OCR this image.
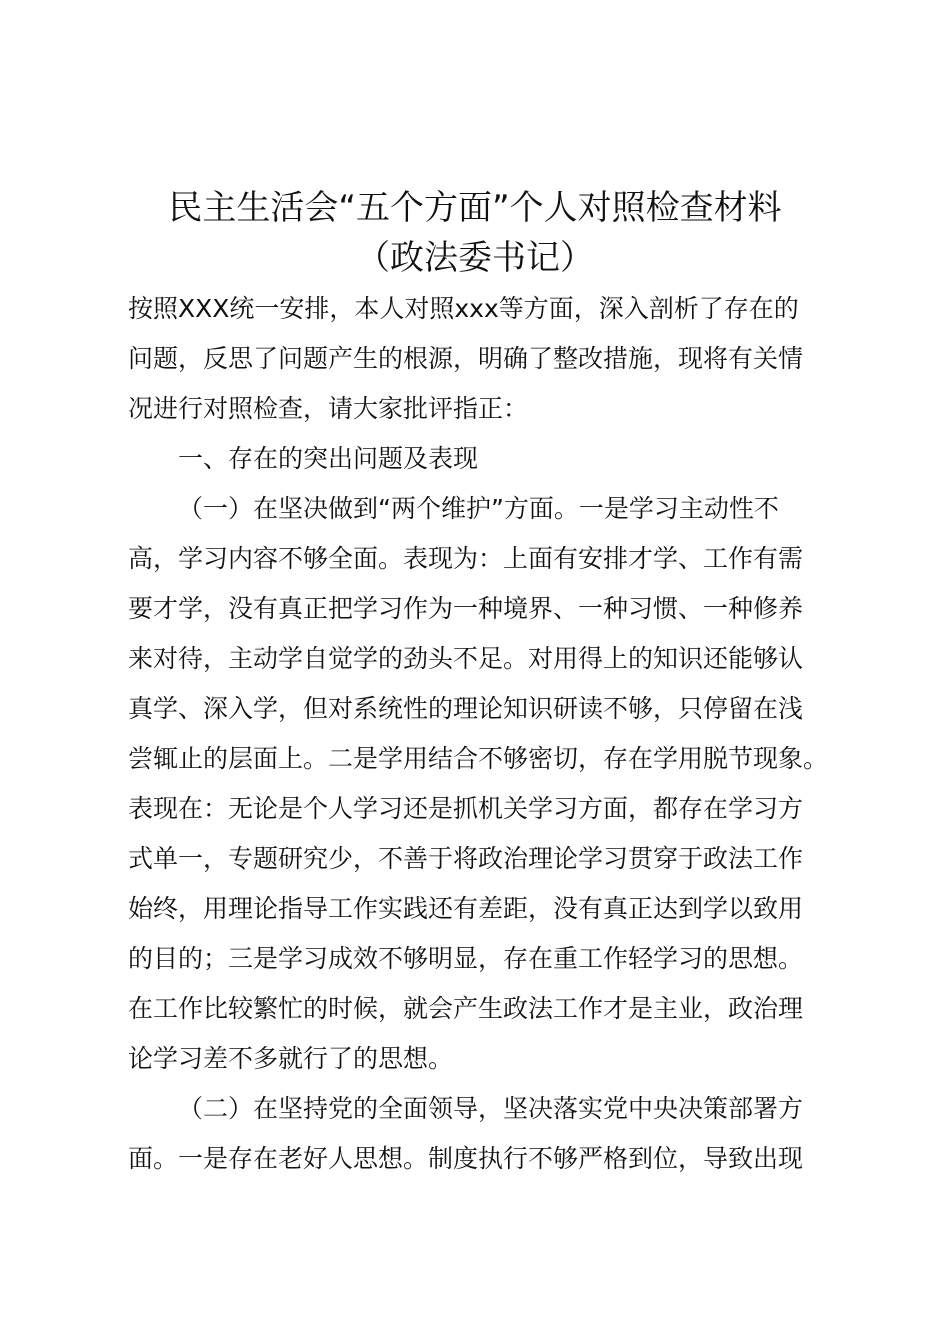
民主生活会“五个方面”个人对照检查材料
（政法委书记）
按照XXX统一安排，本人对照xxx等方面，深入剖析了存在的
问题，反思了问题产生的根源，明确了整改措施，现将有关情
况进行对照检查，请大家批评指正：
一、存在的突出问题及表现
（一）在坚决做到“两个维护”方面。一是学习主动性不
高，学习内容不够全面。表现为：上面有安排才学、工作有需
要才学，没有真正把学习作为一种境界、一种习惯、一种修养
来对待，主动学自觉学的劲头不足。对用得上的知识还能够认
真学、深入学，但对系统性的理论知识研读不够，只停留在浅
尝辄止的层面上。二是学用结合不够密切，存在学用脱节现象。
表现在：无论是个人学习还是抓机关学习方面，都存在学习方
式单一，专题研究少，不善于将政治理论学习贯穿于政法工作
始终，用理论指导工作实践还有差距，没有真正达到学以致用
的目的；三是学习成效不够明显，存在重工作轻学习的思想。
在工作比较繁忙的时候，就会产生政法工作才是主业，政治理
论学习差不多就行了的思想。
（二）在坚持党的全面领导，坚决落实党中央决策部署方
面。一是存在老好人思想。制度执行不够严格到位，导致出现
